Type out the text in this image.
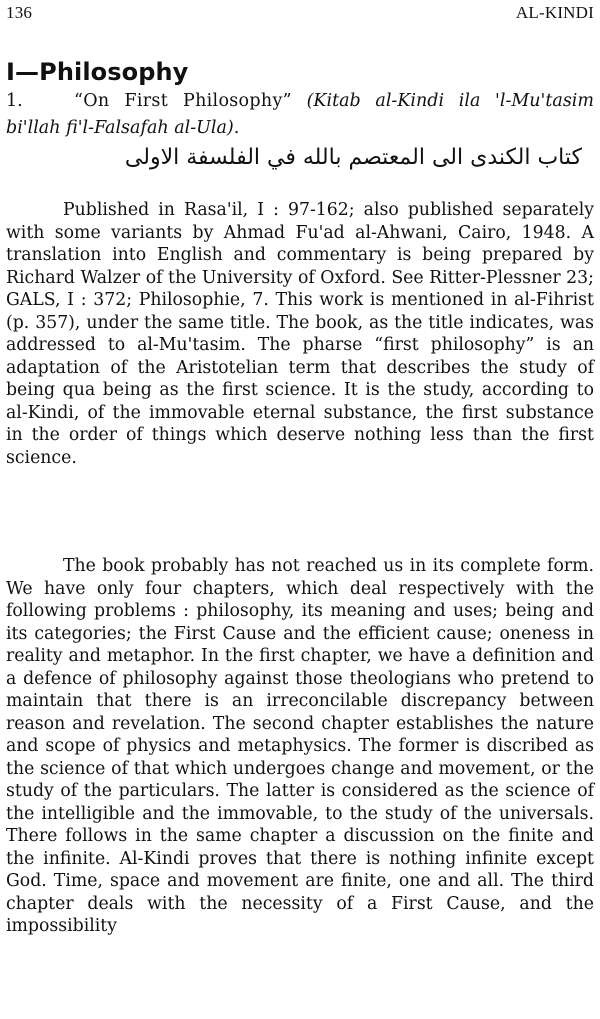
136	AL-KINDI
I—Philosophy

1.	“On First Philosophy” (Kitab al-Kindi ila 'l-Mu'tasim bi'llah fi'l-Falsafah al-Ula).

كتاب الكندى الى المعتصم بالله في الفلسفة الاولى

Published in Rasa'il, I : 97-162; also published separately with some variants by Ahmad Fu'ad al-Ahwani, Cairo, 1948. A translation into English and commentary is being prepared by Richard Walzer of the University of Oxford. See Ritter-Plessner 23; GALS, I : 372; Philosophie, 7. This work is mentioned in al-Fihrist (p. 357), under the same title. The book, as the title indicates, was addressed to al-Mu'tasim. The pharse “first philosophy” is an adaptation of the Aristotelian term that describes the study of being qua being as the first science. It is the study, according to al-Kindi, of the immovable eternal substance, the first substance in the order of things which deserve nothing less than the first science.

The book probably has not reached us in its complete form. We have only four chapters, which deal respectively with the following problems : philosophy, its meaning and uses; being and its categories; the First Cause and the efficient cause; oneness in reality and metaphor. In the first chapter, we have a definition and a defence of philosophy against those theologians who pretend to maintain that there is an irreconcilable discrepancy between reason and revelation. The second chapter establishes the nature and scope of physics and metaphysics. The former is discribed as the science of that which undergoes change and movement, or the study of the particulars. The latter is considered as the science of the intelligible and the immovable, to the study of the universals. There follows in the same chapter a discussion on the finite and the infinite. Al-Kindi proves that there is nothing infinite except God. Time, space and movement are finite, one and all. The third chapter deals with the necessity of a First Cause, and the impossibility
